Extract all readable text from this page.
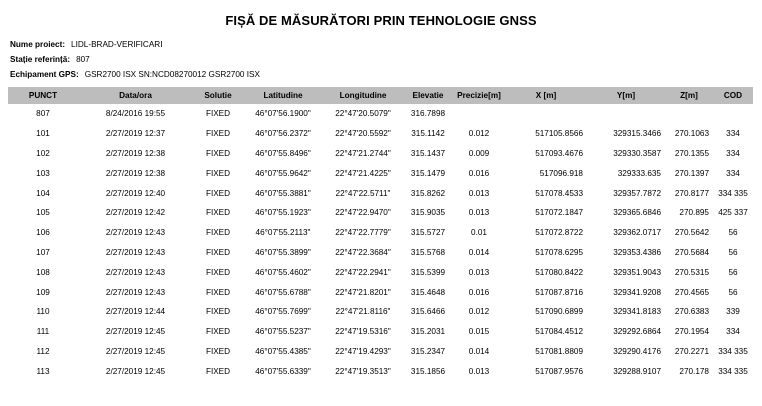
FIȘĂ DE MĂSURĂTORI PRIN TEHNOLOGIE GNSS
Nume proiect: LIDL-BRAD-VERIFICARI
Stație referință: 807
Echipament GPS: GSR2700 ISX SN:NCD08270012 GSR2700 ISX
PUNCT	Data/ora	Solutie	Latitudine	Longitudine	Elevatie	Precizie[m]	X [m]	Y[m]	Z[m]	COD
807	8/24/2016 19:55	FIXED	46°07'56.1900"	22°47'20.5079"	316.7898					
101	2/27/2019 12:37	FIXED	46°07'56.2372"	22°47'20.5592"	315.1142	0.012	517105.8566	329315.3466	270.1063	334
102	2/27/2019 12:38	FIXED	46°07'55.8496"	22°47'21.2744"	315.1437	0.009	517093.4676	329330.3587	270.1355	334
103	2/27/2019 12:38	FIXED	46°07'55.9642"	22°47'21.4225"	315.1479	0.016	517096.918	329333.635	270.1397	334
104	2/27/2019 12:40	FIXED	46°07'55.3881"	22°47'22.5711"	315.8262	0.013	517078.4533	329357.7872	270.8177	334 335
105	2/27/2019 12:42	FIXED	46°07'55.1923"	22°47'22.9470"	315.9035	0.013	517072.1847	329365.6846	270.895	425 337
106	2/27/2019 12:43	FIXED	46°07'55.2113"	22°47'22.7779"	315.5727	0.01	517072.8722	329362.0717	270.5642	56
107	2/27/2019 12:43	FIXED	46°07'55.3899"	22°47'22.3684"	315.5768	0.014	517078.6295	329353.4386	270.5684	56
108	2/27/2019 12:43	FIXED	46°07'55.4602"	22°47'22.2941"	315.5399	0.013	517080.8422	329351.9043	270.5315	56
109	2/27/2019 12:43	FIXED	46°07'55.6788"	22°47'21.8201"	315.4648	0.016	517087.8716	329341.9208	270.4565	56
110	2/27/2019 12:44	FIXED	46°07'55.7699"	22°47'21.8116"	315.6466	0.012	517090.6899	329341.8183	270.6383	339
111	2/27/2019 12:45	FIXED	46°07'55.5237"	22°47'19.5316"	315.2031	0.015	517084.4512	329292.6864	270.1954	334
112	2/27/2019 12:45	FIXED	46°07'55.4385"	22°47'19.4293"	315.2347	0.014	517081.8809	329290.4176	270.2271	334 335
113	2/27/2019 12:45	FIXED	46°07'55.6339"	22°47'19.3513"	315.1856	0.013	517087.9576	329288.9107	270.178	334 335
